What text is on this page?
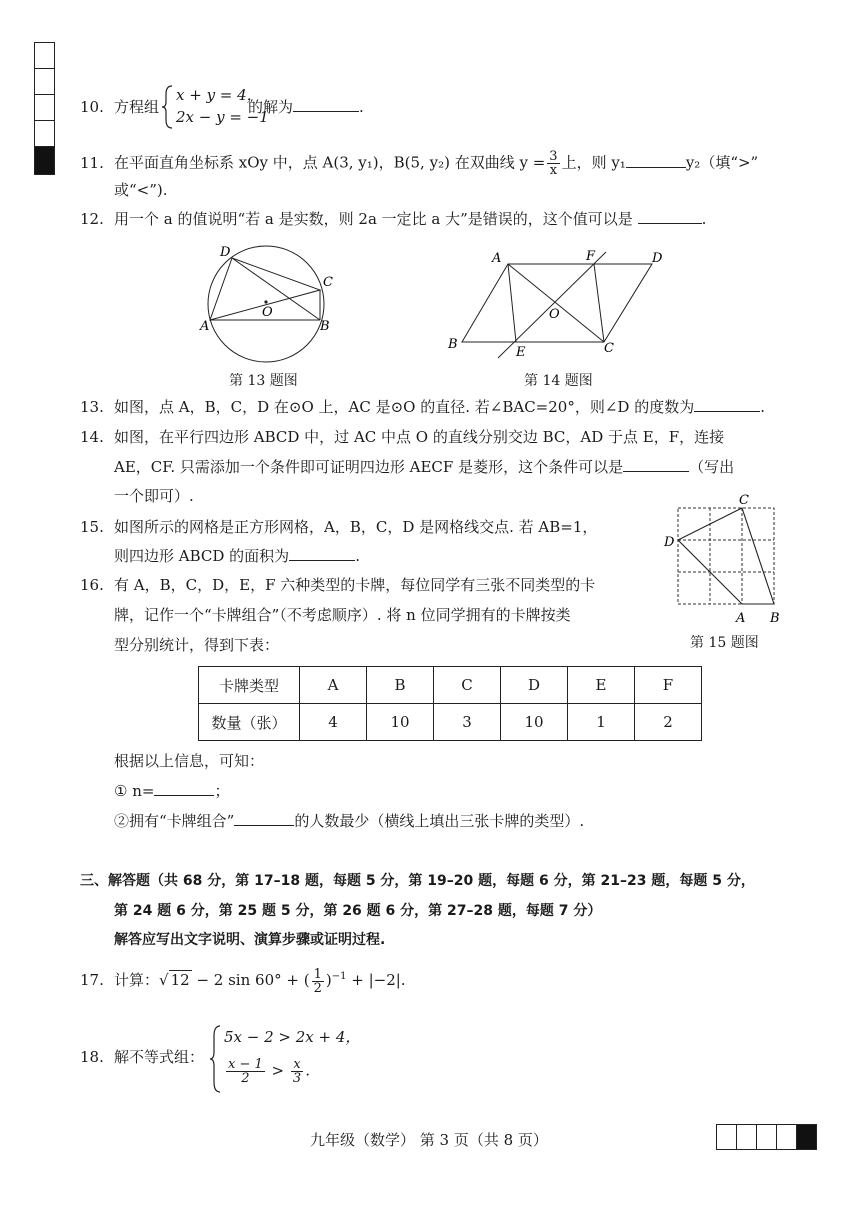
10. 方程组
x + y = 4，
2x − y = −1
的解为	.
11. 在平面直角坐标系 xOy 中，点 A(3, y₁)，B(5, y₂) 在双曲线 $y = \frac{3}{x}$ 上，则 y₁	y₂（填“>”
或“<”).
12. 用一个 a 的值说明“若 a 是实数，则 2a 一定比 a 大”是错误的，这个值可以是	.
D
C
A	B
O
第 13 题图
A	F	D
B
E	C
O
第 14 题图
13. 如图，点 A，B，C，D 在⊙O 上，AC 是⊙O 的直径. 若∠BAC=20°，则∠D 的度数为	.
14. 如图，在平行四边形 ABCD 中，过 AC 中点 O 的直线分别交边 BC，AD 于点 E，F，连接
AE，CF. 只需添加一个条件即可证明四边形 AECF 是菱形，这个条件可以是	（写出
一个即可）.
15. 如图所示的网格是正方形网格，A，B，C，D 是网格线交点. 若 AB=1，
则四边形 ABCD 的面积为	.
C
D
A B
第 15 题图
16. 有 A，B，C，D，E，F 六种类型的卡牌，每位同学有三张不同类型的卡
牌，记作一个“卡牌组合”（不考虑顺序）. 将 n 位同学拥有的卡牌按类
型分别统计，得到下表：
卡牌类型	A	B	C	D	E	F
数量（张）	4	10	3	10	1	2
根据以上信息，可知：
① n=	；
②拥有“卡牌组合”	的人数最少（横线上填出三张卡牌的类型）.
三、解答题（共 68 分，第 17–18 题，每题 5 分，第 19–20 题，每题 6 分，第 21–23 题，每题 5 分，
第 24 题 6 分，第 25 题 5 分，第 26 题 6 分，第 27–28 题，每题 7 分）
解答应写出文字说明、演算步骤或证明过程.
17. 计算：√ 12 − 2 sin 60° + ( $\frac{1}{2} )^{-1} + |-2|$.
18. 解不等式组：
5x − 2 > 2x + 4，
$\frac{x - 1}{2} > \frac{x}{3}$ .
九年级（数学） 第 3 页（共 8 页）
